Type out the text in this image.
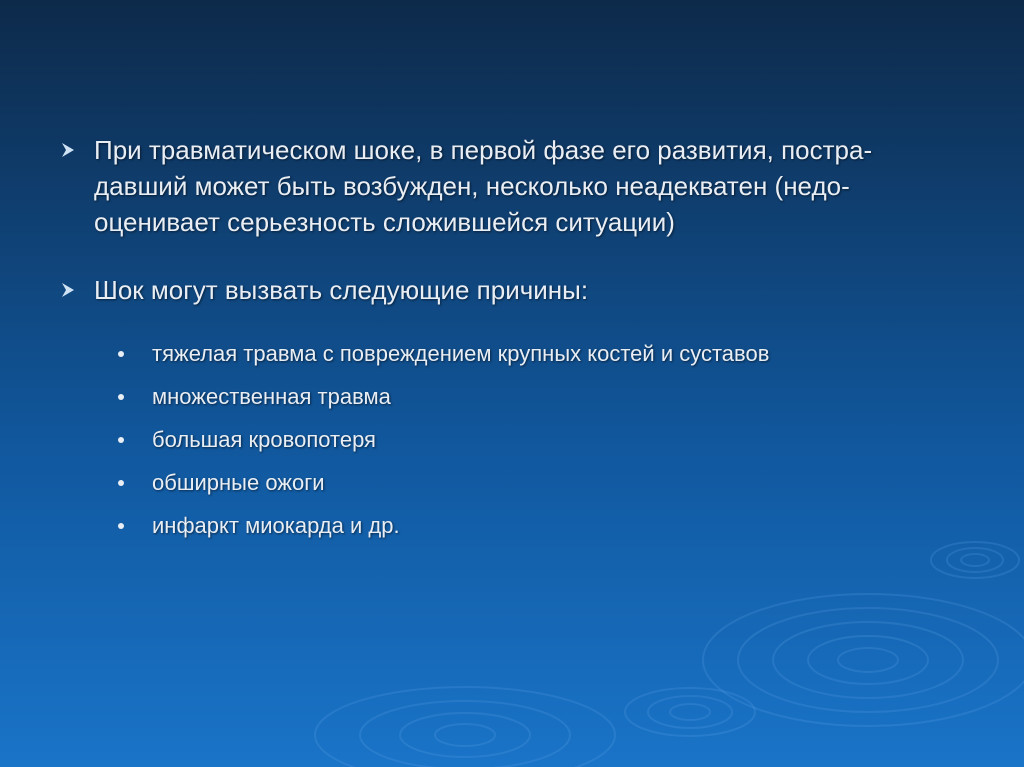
При травматическом шоке, в первой фазе его развития, постра-
давший может быть возбужден, несколько неадекватен (недо-
оценивает серьезность сложившейся ситуации)
Шок могут вызвать следующие причины:
тяжелая травма с повреждением крупных костей и суставов
множественная травма
большая кровопотеря
обширные ожоги
инфаркт миокарда и др.
